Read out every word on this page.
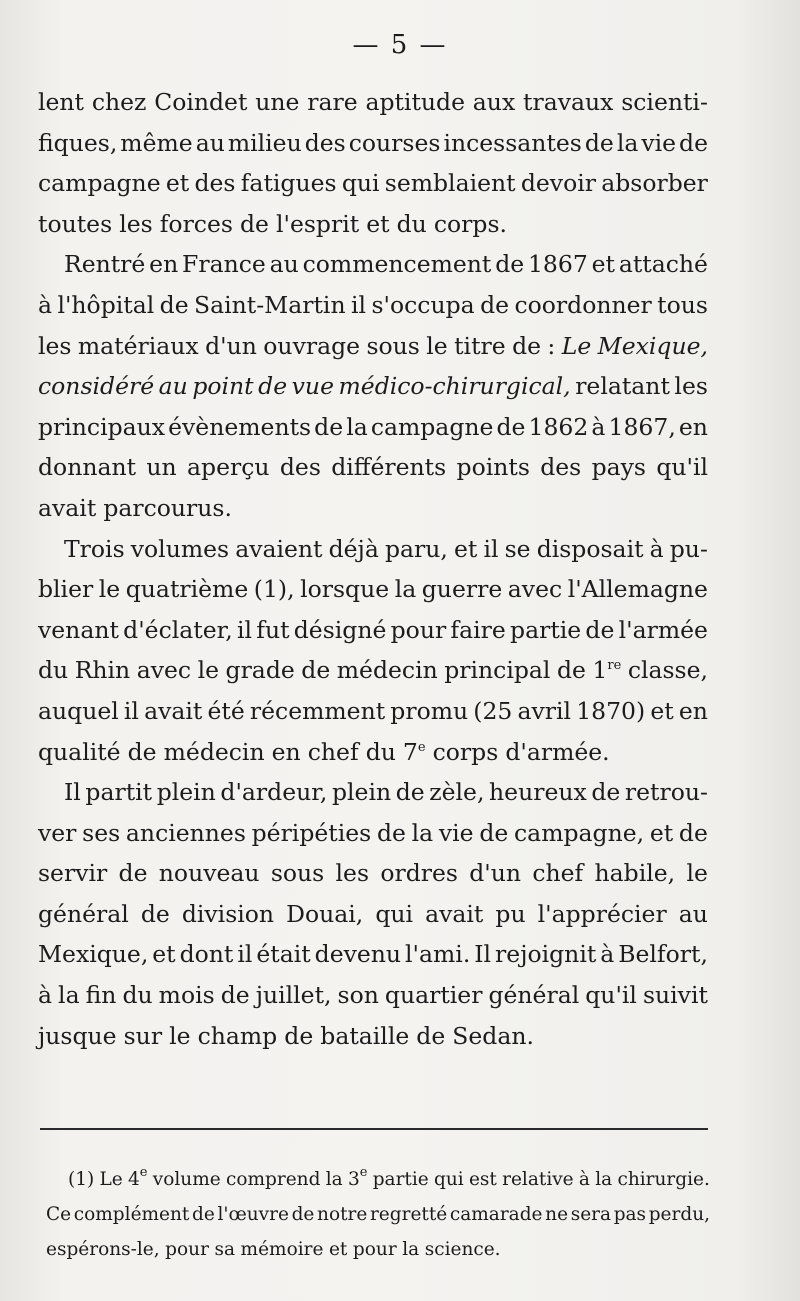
— 5 —
lent chez Coindet une rare aptitude aux travaux scienti-
fiques, même au milieu des courses incessantes de la vie de
campagne et des fatigues qui semblaient devoir absorber
toutes les forces de l'esprit et du corps.
Rentré en France au commencement de 1867 et attaché
à l'hôpital de Saint-Martin il s'occupa de coordonner tous
les matériaux d'un ouvrage sous le titre de : Le Mexique,
considéré au point de vue médico-chirurgical, relatant les
principaux évènements de la campagne de 1862 à 1867, en
donnant un aperçu des différents points des pays qu'il
avait parcourus.
Trois volumes avaient déjà paru, et il se disposait à pu-
blier le quatrième (1), lorsque la guerre avec l'Allemagne
venant d'éclater, il fut désigné pour faire partie de l'armée
du Rhin avec le grade de médecin principal de 1re classe,
auquel il avait été récemment promu (25 avril 1870) et en
qualité de médecin en chef du 7e corps d'armée.
Il partit plein d'ardeur, plein de zèle, heureux de retrou-
ver ses anciennes péripéties de la vie de campagne, et de
servir de nouveau sous les ordres d'un chef habile, le
général de division Douai, qui avait pu l'apprécier au
Mexique, et dont il était devenu l'ami. Il rejoignit à Belfort,
à la fin du mois de juillet, son quartier général qu'il suivit
jusque sur le champ de bataille de Sedan.
(1) Le 4e volume comprend la 3e partie qui est relative à la chirurgie.
Ce complément de l'œuvre de notre regretté camarade ne sera pas perdu,
espérons-le, pour sa mémoire et pour la science.
